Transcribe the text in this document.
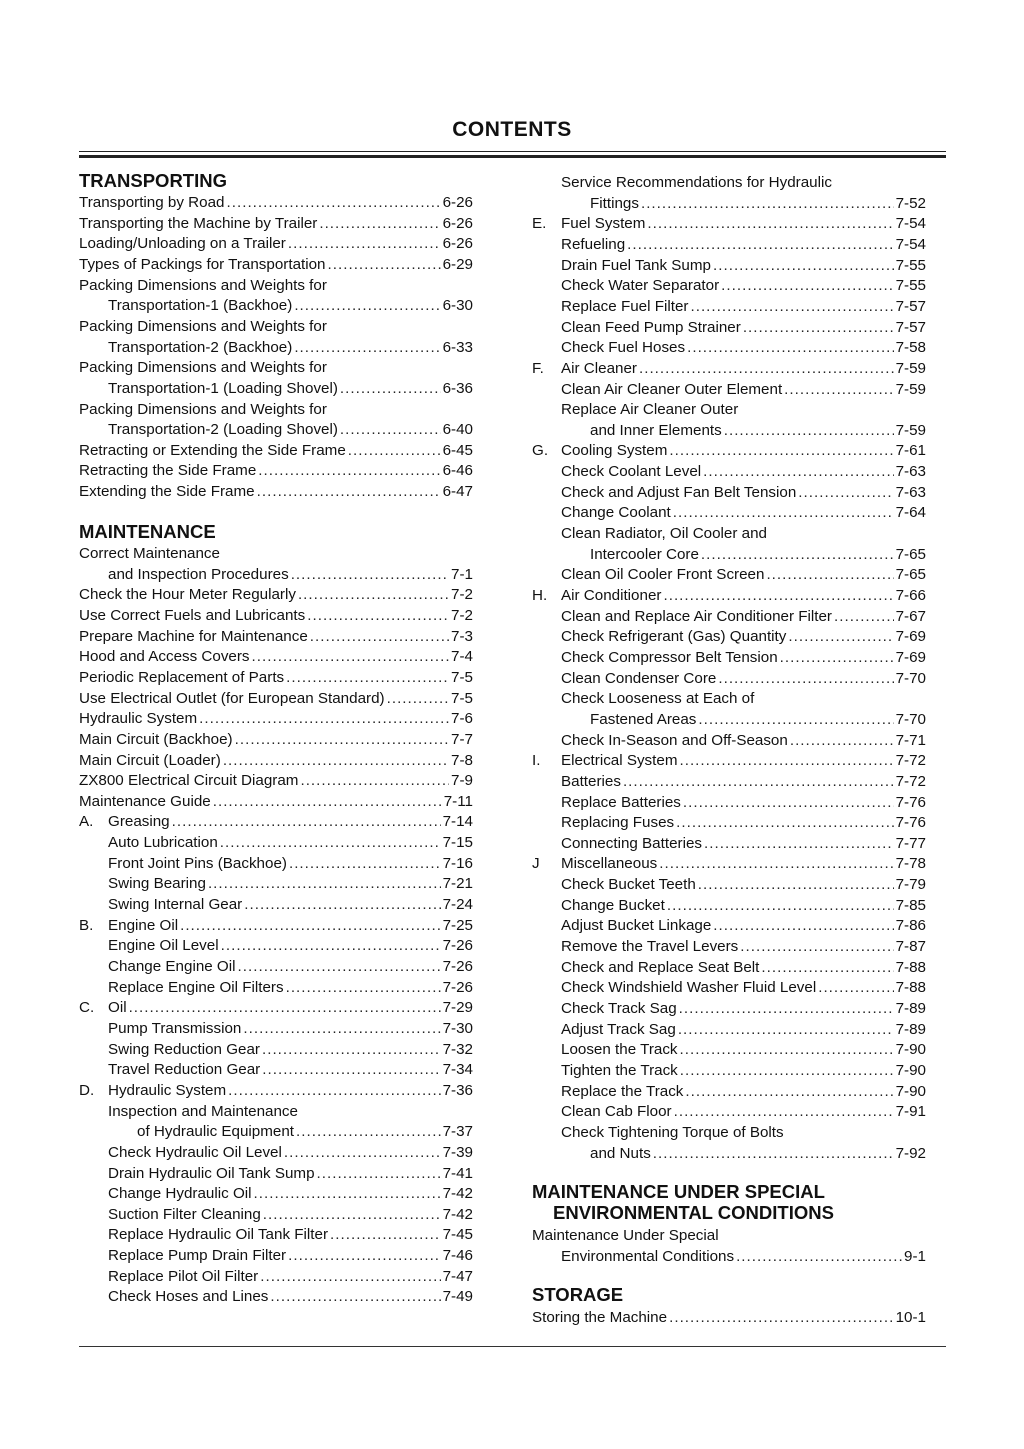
CONTENTS
TRANSPORTING
Transporting by Road . . .	6-26
Transporting the Machine by Trailer . . .	6-26
Loading/Unloading on a Trailer . . .	6-26
Types of Packings for Transportation . . .	6-29
Packing Dimensions and Weights for
Transportation-1 (Backhoe) . . .	6-30
Packing Dimensions and Weights for
Transportation-2 (Backhoe) . . .	6-33
Packing Dimensions and Weights for
Transportation-1 (Loading Shovel) . . .	6-36
Packing Dimensions and Weights for
Transportation-2 (Loading Shovel) . . .	6-40
Retracting or Extending the Side Frame . . .	6-45
Retracting the Side Frame . . .	6-46
Extending the Side Frame . . .	6-47
MAINTENANCE
Correct Maintenance
and Inspection Procedures . . .	7-1
Check the Hour Meter Regularly . . .	7-2
Use Correct Fuels and Lubricants . . .	7-2
Prepare Machine for Maintenance . . .	7-3
Hood and Access Covers . . .	7-4
Periodic Replacement of Parts . . .	7-5
Use Electrical Outlet (for European Standard) . . .	7-5
Hydraulic System . . .	7-6
Main Circuit (Backhoe) . . .	7-7
Main Circuit (Loader) . . .	7-8
ZX800 Electrical Circuit Diagram . . .	7-9
Maintenance Guide . . .	7-11
A. Greasing . . .	7-14
Auto Lubrication . . .	7-15
Front Joint Pins (Backhoe) . . .	7-16
Swing Bearing . . .	7-21
Swing Internal Gear . . .	7-24
B. Engine Oil . . .	7-25
Engine Oil Level . . .	7-26
Change Engine Oil . . .	7-26
Replace Engine Oil Filters . . .	7-26
C. Oil . . .	7-29
Pump Transmission . . .	7-30
Swing Reduction Gear . . .	7-32
Travel Reduction Gear . . .	7-34
D. Hydraulic System . . .	7-36
Inspection and Maintenance
of Hydraulic Equipment . . .	7-37
Check Hydraulic Oil Level . . .	7-39
Drain Hydraulic Oil Tank Sump . . .	7-41
Change Hydraulic Oil . . .	7-42
Suction Filter Cleaning . . .	7-42
Replace Hydraulic Oil Tank Filter . . .	7-45
Replace Pump Drain Filter . . .	7-46
Replace Pilot Oil Filter . . .	7-47
Check Hoses and Lines . . .	7-49
Service Recommendations for Hydraulic
Fittings . . .	7-52
E. Fuel System . . .	7-54
Refueling . . .	7-54
Drain Fuel Tank Sump . . .	7-55
Check Water Separator . . .	7-55
Replace Fuel Filter . . .	7-57
Clean Feed Pump Strainer . . .	7-57
Check Fuel Hoses . . .	7-58
F. Air Cleaner . . .	7-59
Clean Air Cleaner Outer Element . . .	7-59
Replace Air Cleaner Outer
and Inner Elements . . .	7-59
G. Cooling System . . .	7-61
Check Coolant Level . . .	7-63
Check and Adjust Fan Belt Tension . . .	7-63
Change Coolant . . .	7-64
Clean Radiator, Oil Cooler and
Intercooler Core . . .	7-65
Clean Oil Cooler Front Screen . . .	7-65
H. Air Conditioner . . .	7-66
Clean and Replace Air Conditioner Filter . . .	7-67
Check Refrigerant (Gas) Quantity . . .	7-69
Check Compressor Belt Tension . . .	7-69
Clean Condenser Core . . .	7-70
Check Looseness at Each of
Fastened Areas . . .	7-70
Check In-Season and Off-Season . . .	7-71
I. Electrical System . . .	7-72
Batteries . . .	7-72
Replace Batteries . . .	7-76
Replacing Fuses . . .	7-76
Connecting Batteries . . .	7-77
J Miscellaneous . . .	7-78
Check Bucket Teeth . . .	7-79
Change Bucket . . .	7-85
Adjust Bucket Linkage . . .	7-86
Remove the Travel Levers . . .	7-87
Check and Replace Seat Belt . . .	7-88
Check Windshield Washer Fluid Level . . .	7-88
Check Track Sag . . .	7-89
Adjust Track Sag . . .	7-89
Loosen the Track . . .	7-90
Tighten the Track . . .	7-90
Replace the Track . . .	7-90
Clean Cab Floor . . .	7-91
Check Tightening Torque of Bolts
and Nuts . . .	7-92
MAINTENANCE UNDER SPECIAL
ENVIRONMENTAL CONDITIONS
Maintenance Under Special
Environmental Conditions . . .	9-1
STORAGE
Storing the Machine . . .	10-1
